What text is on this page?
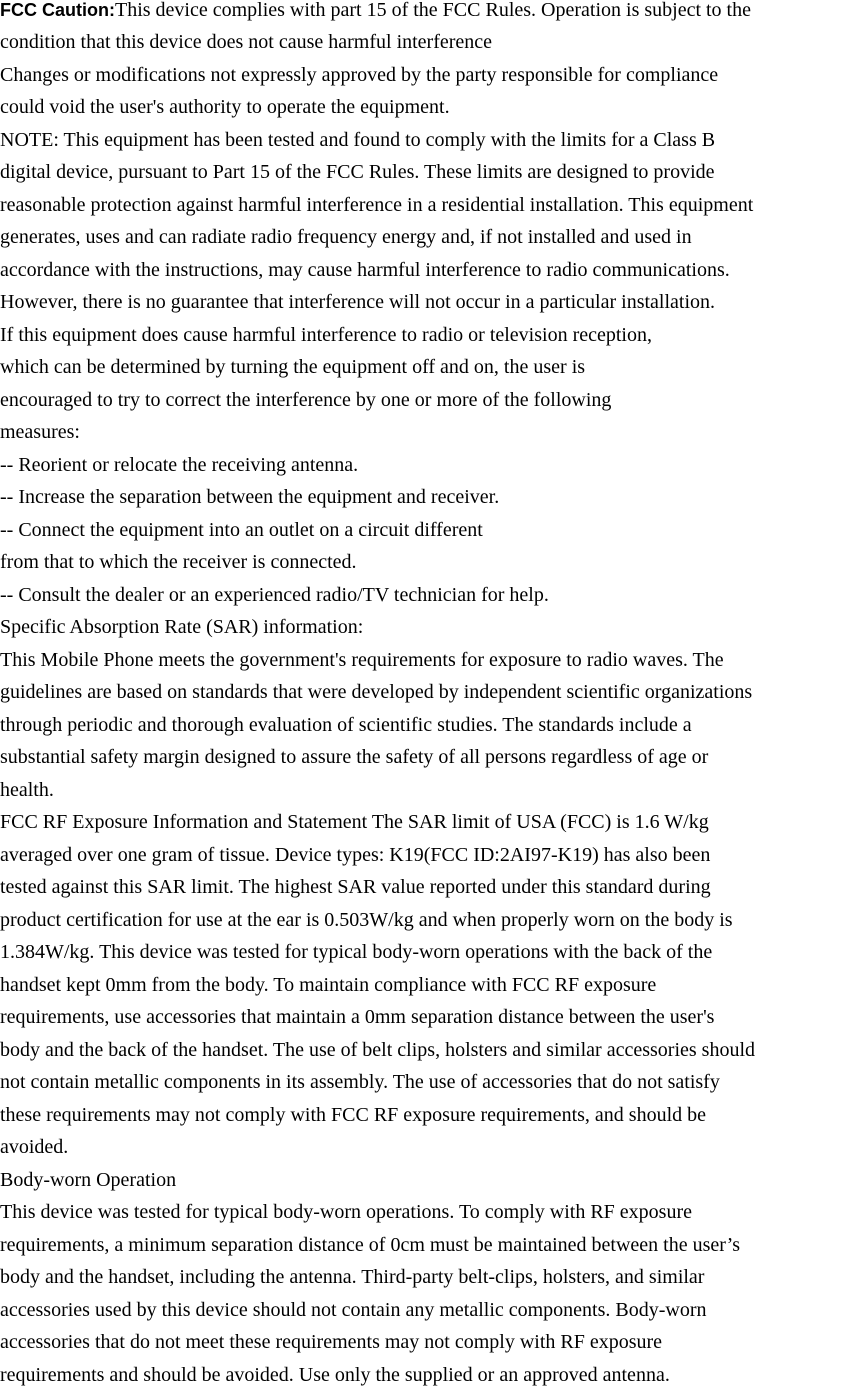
FCC Caution:This device complies with part 15 of the FCC Rules. Operation is subject to the
condition that this device does not cause harmful interference
Changes or modifications not expressly approved by the party responsible for compliance
could void the user's authority to operate the equipment.
NOTE: This equipment has been tested and found to comply with the limits for a Class B
digital device, pursuant to Part 15 of the FCC Rules. These limits are designed to provide
reasonable protection against harmful interference in a residential installation. This equipment
generates, uses and can radiate radio frequency energy and, if not installed and used in
accordance with the instructions, may cause harmful interference to radio communications.
However, there is no guarantee that interference will not occur in a particular installation.
If this equipment does cause harmful interference to radio or television reception,
which can be determined by turning the equipment off and on, the user is
encouraged to try to correct the interference by one or more of the following
measures:
-- Reorient or relocate the receiving antenna.
-- Increase the separation between the equipment and receiver.
-- Connect the equipment into an outlet on a circuit different
from that to which the receiver is connected.
-- Consult the dealer or an experienced radio/TV technician for help.
Specific Absorption Rate (SAR) information:
This Mobile Phone meets the government's requirements for exposure to radio waves. The
guidelines are based on standards that were developed by independent scientific organizations
through periodic and thorough evaluation of scientific studies. The standards include a
substantial safety margin designed to assure the safety of all persons regardless of age or
health.
FCC RF Exposure Information and Statement The SAR limit of USA (FCC) is 1.6 W/kg
averaged over one gram of tissue. Device types: K19(FCC ID:2AI97-K19) has also been
tested against this SAR limit. The highest SAR value reported under this standard during
product certification for use at the ear is 0.503W/kg and when properly worn on the body is
1.384W/kg. This device was tested for typical body-worn operations with the back of the
handset kept 0mm from the body. To maintain compliance with FCC RF exposure
requirements, use accessories that maintain a 0mm separation distance between the user's
body and the back of the handset. The use of belt clips, holsters and similar accessories should
not contain metallic components in its assembly. The use of accessories that do not satisfy
these requirements may not comply with FCC RF exposure requirements, and should be
avoided.
Body-worn Operation
This device was tested for typical body-worn operations. To comply with RF exposure
requirements, a minimum separation distance of 0cm must be maintained between the user’s
body and the handset, including the antenna. Third-party belt-clips, holsters, and similar
accessories used by this device should not contain any metallic components. Body-worn
accessories that do not meet these requirements may not comply with RF exposure
requirements and should be avoided. Use only the supplied or an approved antenna.
